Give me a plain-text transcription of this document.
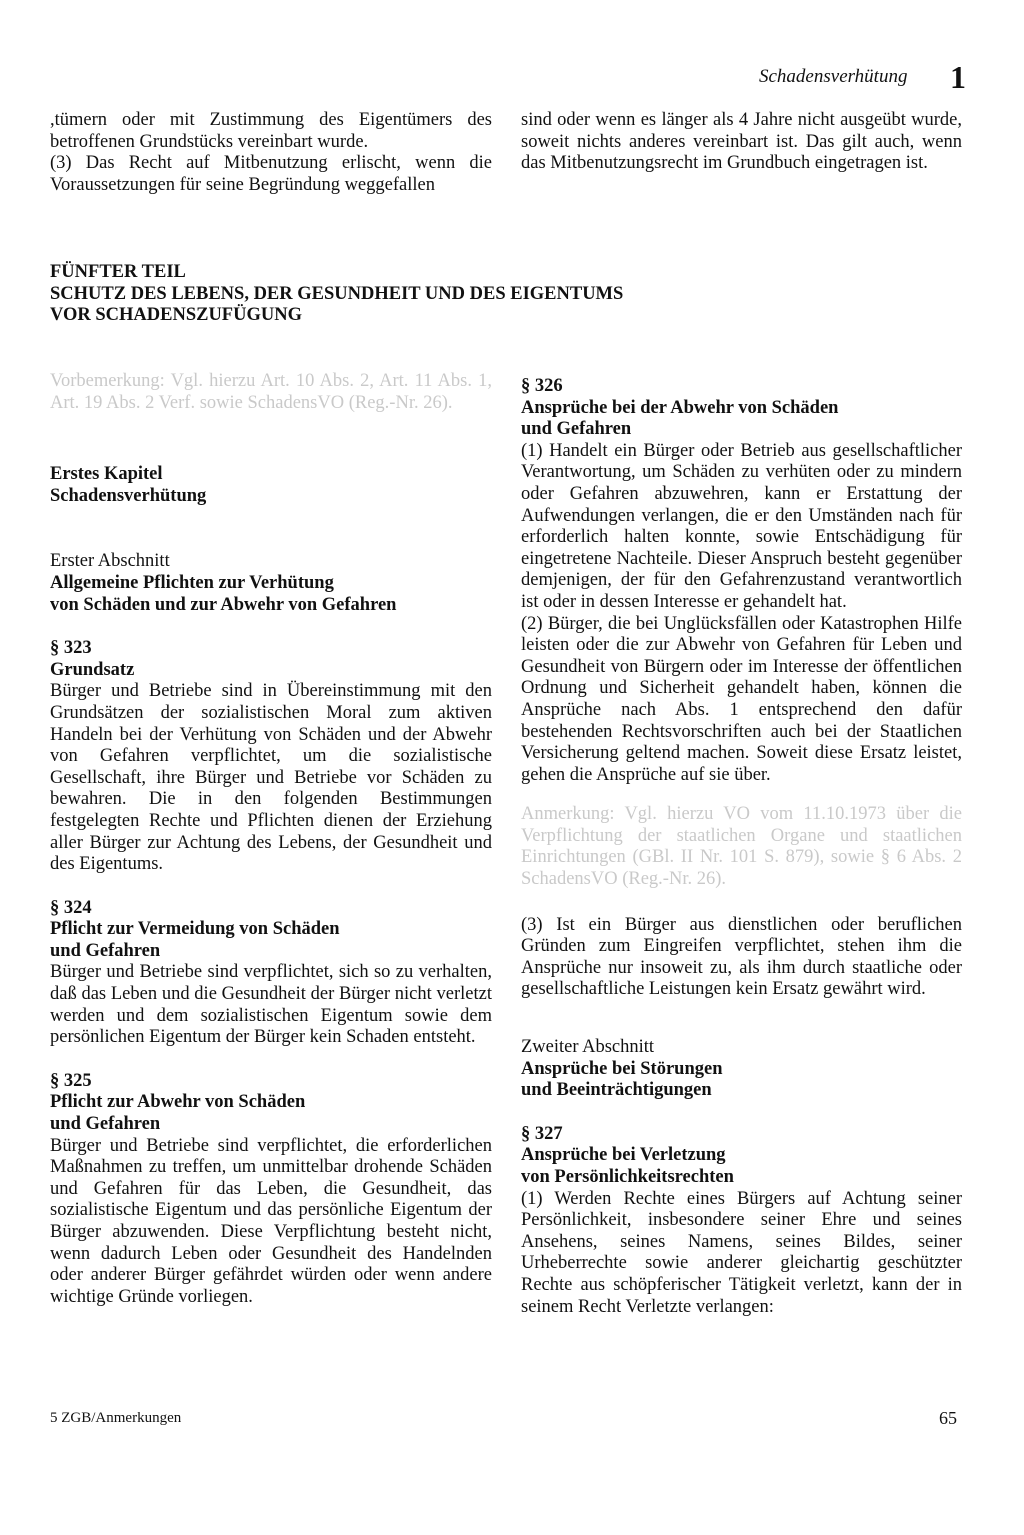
Schadensverhütung 1

,tümern oder mit Zustimmung des Eigentümers des betroffenen Grundstücks vereinbart wurde.

(3) Das Recht auf Mitbenutzung erlischt, wenn die Voraussetzungen für seine Begründung weggefallen

sind oder wenn es länger als 4 Jahre nicht ausgeübt wurde, soweit nichts anderes vereinbart ist. Das gilt auch, wenn das Mitbenutzungsrecht im Grundbuch eingetragen ist.

FÜNFTER TEIL
SCHUTZ DES LEBENS, DER GESUNDHEIT UND DES EIGENTUMS
VOR SCHADENSZUFÜGUNG

Vorbemerkung: Vgl. hierzu Art. 10 Abs. 2, Art. 11 Abs. 1, Art. 19 Abs. 2 Verf. sowie SchadensVO (Reg.-Nr. 26).

Erstes Kapitel
Schadensverhütung
Erster Abschnitt
Allgemeine Pflichten zur Verhütung
von Schäden und zur Abwehr von Gefahren
§ 323
Grundsatz

Bürger und Betriebe sind in Übereinstimmung mit den Grundsätzen der sozialistischen Moral zum aktiven Handeln bei der Verhütung von Schäden und der Abwehr von Gefahren verpflichtet, um die sozialistische Gesellschaft, ihre Bürger und Betriebe vor Schäden zu bewahren. Die in den folgenden Bestimmungen festgelegten Rechte und Pflichten dienen der Erziehung aller Bürger zur Achtung des Lebens, der Gesundheit und des Eigentums.

§ 324
Pflicht zur Vermeidung von Schäden
und Gefahren

Bürger und Betriebe sind verpflichtet, sich so zu verhalten, daß das Leben und die Gesundheit der Bürger nicht verletzt werden und dem sozialistischen Eigentum sowie dem persönlichen Eigentum der Bürger kein Schaden entsteht.

§ 325
Pflicht zur Abwehr von Schäden
und Gefahren

Bürger und Betriebe sind verpflichtet, die erforderlichen Maßnahmen zu treffen, um unmittelbar drohende Schäden und Gefahren für das Leben, die Gesundheit, das sozialistische Eigentum und das persönliche Eigentum der Bürger abzuwenden. Diese Verpflichtung besteht nicht, wenn dadurch Leben oder Gesundheit des Handelnden oder anderer Bürger gefährdet würden oder wenn andere wichtige Gründe vorliegen.

§ 326
Ansprüche bei der Abwehr von Schäden
und Gefahren

(1) Handelt ein Bürger oder Betrieb aus gesellschaftlicher Verantwortung, um Schäden zu verhüten oder zu mindern oder Gefahren abzuwehren, kann er Erstattung der Aufwendungen verlangen, die er den Umständen nach für erforderlich halten konnte, sowie Entschädigung für eingetretene Nachteile. Dieser Anspruch besteht gegenüber demjenigen, der für den Gefahrenzustand verantwortlich ist oder in dessen Interesse er gehandelt hat.

(2) Bürger, die bei Unglücksfällen oder Katastrophen Hilfe leisten oder die zur Abwehr von Gefahren für Leben und Gesundheit von Bürgern oder im Interesse der öffentlichen Ordnung und Sicherheit gehandelt haben, können die Ansprüche nach Abs. 1 entsprechend den dafür bestehenden Rechtsvorschriften auch bei der Staatlichen Versicherung geltend machen. Soweit diese Ersatz leistet, gehen die Ansprüche auf sie über.

Anmerkung: Vgl. hierzu VO vom 11.10.1973 über die Verpflichtung der staatlichen Organe und staatlichen Einrichtungen (GBl. II Nr. 101 S. 879), sowie § 6 Abs. 2 SchadensVO (Reg.-Nr. 26).

(3) Ist ein Bürger aus dienstlichen oder beruflichen Gründen zum Eingreifen verpflichtet, stehen ihm die Ansprüche nur insoweit zu, als ihm durch staatliche oder gesellschaftliche Leistungen kein Ersatz gewährt wird.

Zweiter Abschnitt
Ansprüche bei Störungen
und Beeinträchtigungen
§ 327
Ansprüche bei Verletzung
von Persönlichkeitsrechten

(1) Werden Rechte eines Bürgers auf Achtung seiner Persönlichkeit, insbesondere seiner Ehre und seines Ansehens, seines Namens, seines Bildes, seiner Urheberrechte sowie anderer gleichartig geschützter Rechte aus schöpferischer Tätigkeit verletzt, kann der in seinem Recht Verletzte verlangen:

5 ZGB/Anmerkungen	65
